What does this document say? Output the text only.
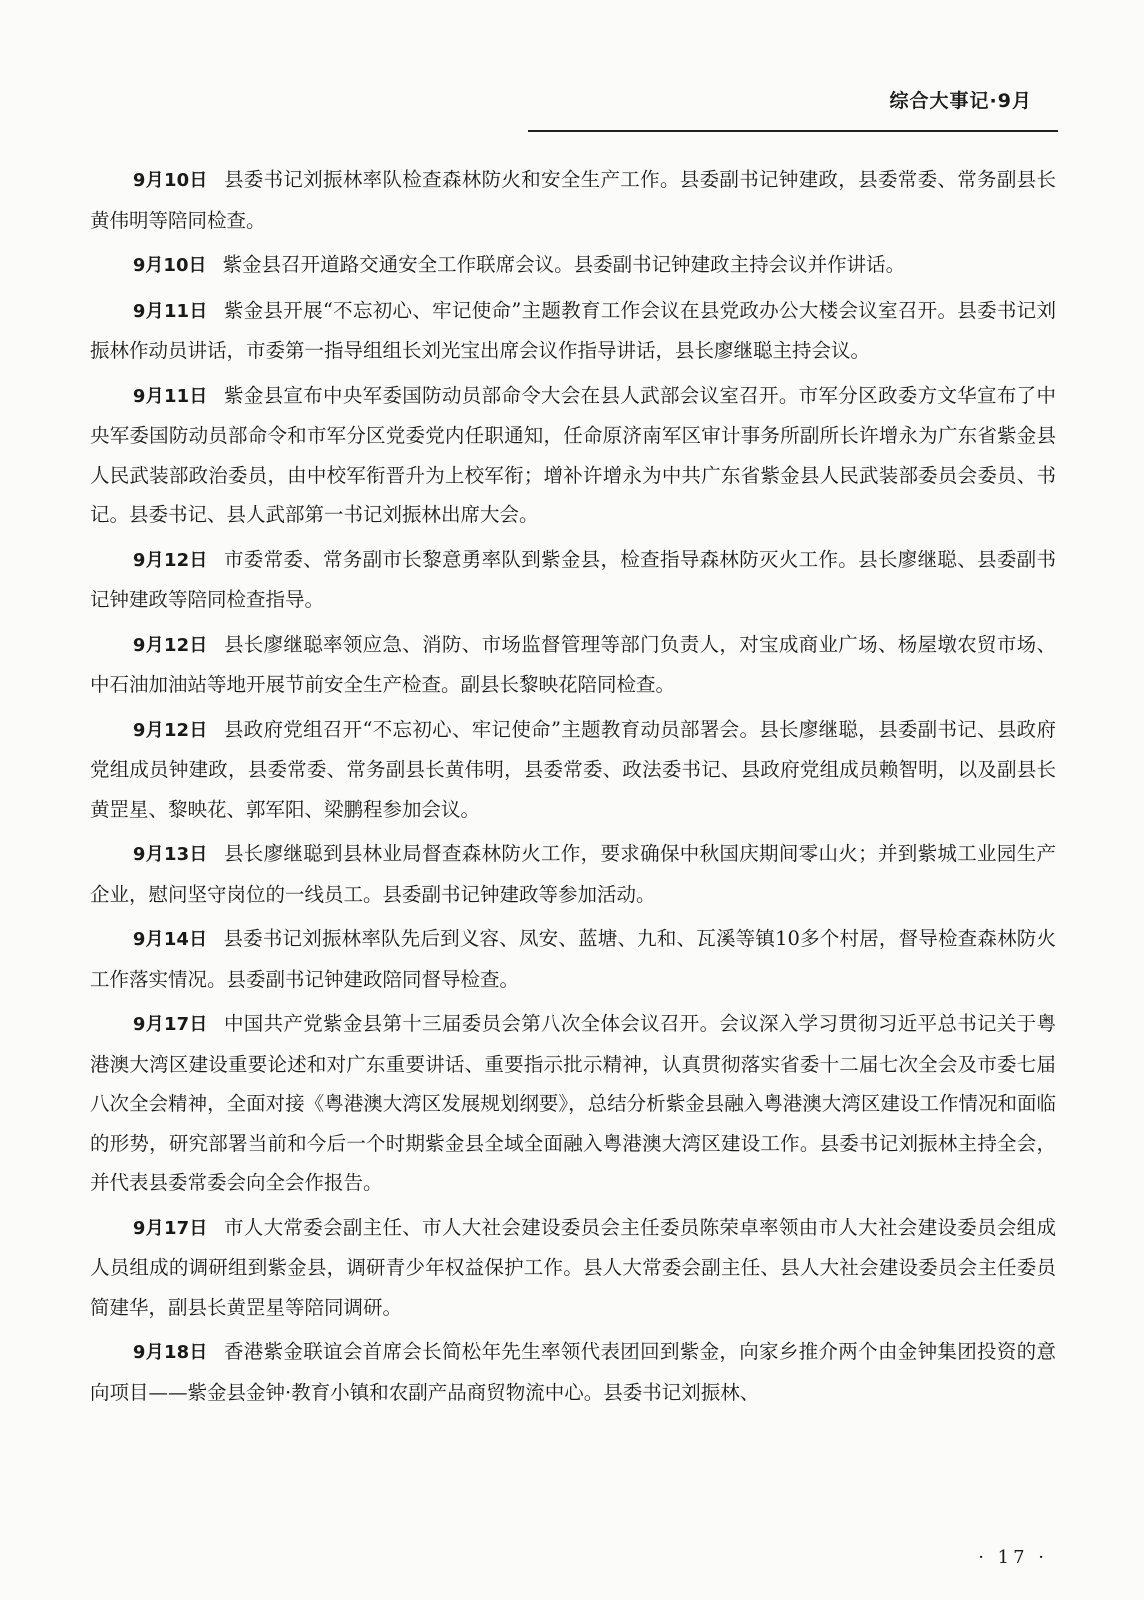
综合大事记·9月

9月10日 县委书记刘振林率队检查森林防火和安全生产工作。县委副书记钟建政，县委常委、常务副县长黄伟明等陪同检查。

9月10日 紫金县召开道路交通安全工作联席会议。县委副书记钟建政主持会议并作讲话。

9月11日 紫金县开展“不忘初心、牢记使命”主题教育工作会议在县党政办公大楼会议室召开。县委书记刘振林作动员讲话，市委第一指导组组长刘光宝出席会议作指导讲话，县长廖继聪主持会议。

9月11日 紫金县宣布中央军委国防动员部命令大会在县人武部会议室召开。市军分区政委方文华宣布了中央军委国防动员部命令和市军分区党委党内任职通知，任命原济南军区审计事务所副所长许增永为广东省紫金县人民武装部政治委员，由中校军衔晋升为上校军衔；增补许增永为中共广东省紫金县人民武装部委员会委员、书记。县委书记、县人武部第一书记刘振林出席大会。

9月12日 市委常委、常务副市长黎意勇率队到紫金县，检查指导森林防灭火工作。县长廖继聪、县委副书记钟建政等陪同检查指导。

9月12日 县长廖继聪率领应急、消防、市场监督管理等部门负责人，对宝成商业广场、杨屋墩农贸市场、中石油加油站等地开展节前安全生产检查。副县长黎映花陪同检查。

9月12日 县政府党组召开“不忘初心、牢记使命”主题教育动员部署会。县长廖继聪，县委副书记、县政府党组成员钟建政，县委常委、常务副县长黄伟明，县委常委、政法委书记、县政府党组成员赖智明，以及副县长黄罡星、黎映花、郭军阳、梁鹏程参加会议。

9月13日 县长廖继聪到县林业局督查森林防火工作，要求确保中秋国庆期间零山火；并到紫城工业园生产企业，慰问坚守岗位的一线员工。县委副书记钟建政等参加活动。

9月14日 县委书记刘振林率队先后到义容、凤安、蓝塘、九和、瓦溪等镇10多个村居，督导检查森林防火工作落实情况。县委副书记钟建政陪同督导检查。

9月17日 中国共产党紫金县第十三届委员会第八次全体会议召开。会议深入学习贯彻习近平总书记关于粤港澳大湾区建设重要论述和对广东重要讲话、重要指示批示精神，认真贯彻落实省委十二届七次全会及市委七届八次全会精神，全面对接《粤港澳大湾区发展规划纲要》，总结分析紫金县融入粤港澳大湾区建设工作情况和面临的形势，研究部署当前和今后一个时期紫金县全域全面融入粤港澳大湾区建设工作。县委书记刘振林主持全会，并代表县委常委会向全会作报告。

9月17日 市人大常委会副主任、市人大社会建设委员会主任委员陈荣卓率领由市人大社会建设委员会组成人员组成的调研组到紫金县，调研青少年权益保护工作。县人大常委会副主任、县人大社会建设委员会主任委员简建华，副县长黄罡星等陪同调研。

9月18日 香港紫金联谊会首席会长简松年先生率领代表团回到紫金，向家乡推介两个由金钟集团投资的意向项目——紫金县金钟·教育小镇和农副产品商贸物流中心。县委书记刘振林、

· 17 ·
